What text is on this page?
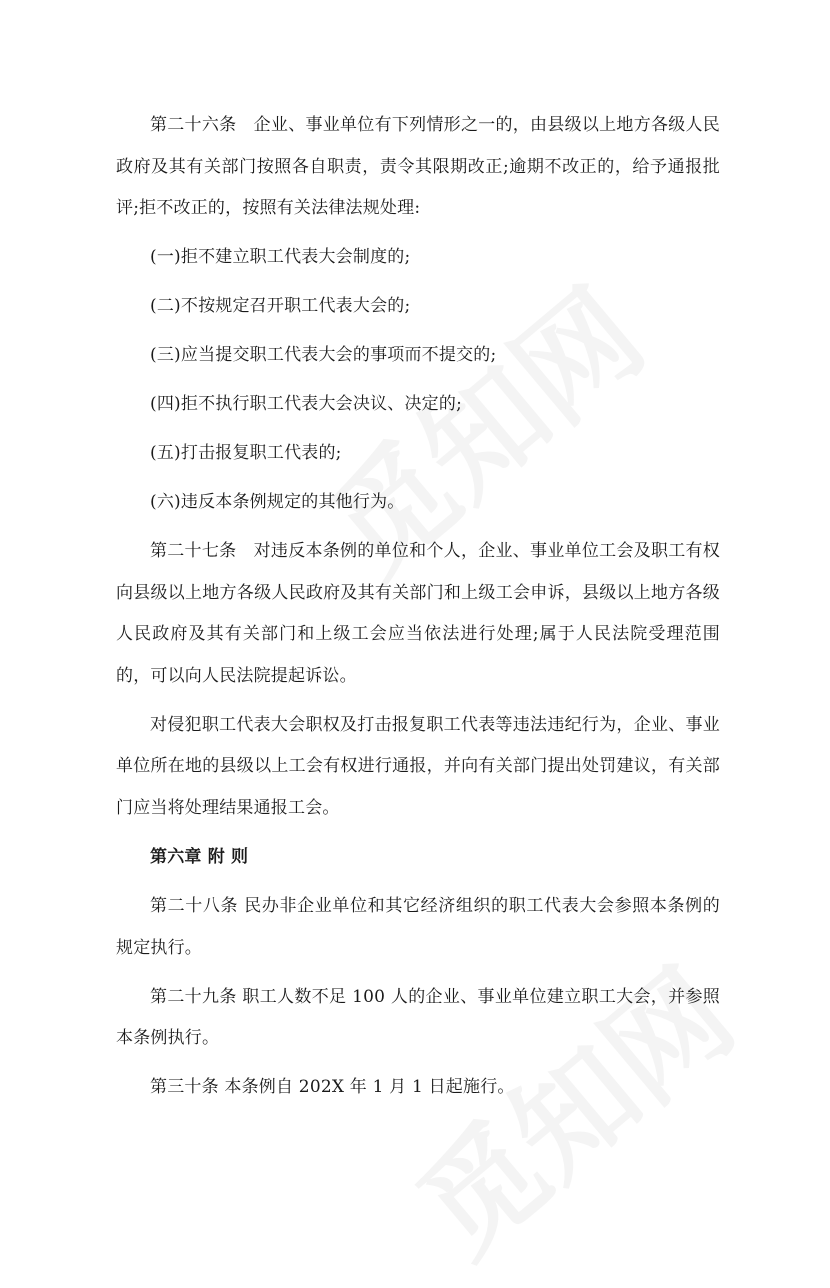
第二十六条　企业、事业单位有下列情形之一的，由县级以上地方各级人民政府及其有关部门按照各自职责，责令其限期改正;逾期不改正的，给予通报批评;拒不改正的，按照有关法律法规处理:

(一)拒不建立职工代表大会制度的;

(二)不按规定召开职工代表大会的;

(三)应当提交职工代表大会的事项而不提交的;

(四)拒不执行职工代表大会决议、决定的;

(五)打击报复职工代表的;

(六)违反本条例规定的其他行为。

第二十七条　对违反本条例的单位和个人，企业、事业单位工会及职工有权向县级以上地方各级人民政府及其有关部门和上级工会申诉，县级以上地方各级人民政府及其有关部门和上级工会应当依法进行处理;属于人民法院受理范围的，可以向人民法院提起诉讼。

对侵犯职工代表大会职权及打击报复职工代表等违法违纪行为，企业、事业单位所在地的县级以上工会有权进行通报，并向有关部门提出处罚建议，有关部门应当将处理结果通报工会。

第六章 附 则

第二十八条 民办非企业单位和其它经济组织的职工代表大会参照本条例的规定执行。

第二十九条 职工人数不足 100 人的企业、事业单位建立职工大会，并参照本条例执行。

第三十条 本条例自 202X 年 1 月 1 日起施行。
